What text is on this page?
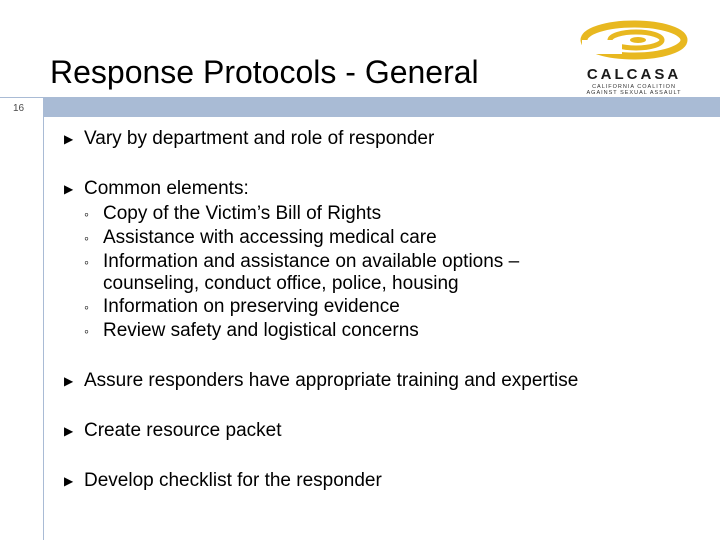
Response Protocols - General	CALCASA
CALIFORNIA COALITION
AGAINST SEXUAL ASSAULT
16
▶ Vary by department and role of responder
▶ Common elements:
◦ Copy of the Victim’s Bill of Rights
◦ Assistance with accessing medical care
◦ Information and assistance on available options – counseling, conduct office, police, housing
◦ Information on preserving evidence
◦ Review safety and logistical concerns
▶ Assure responders have appropriate training and expertise
▶ Create resource packet
▶ Develop checklist for the responder
